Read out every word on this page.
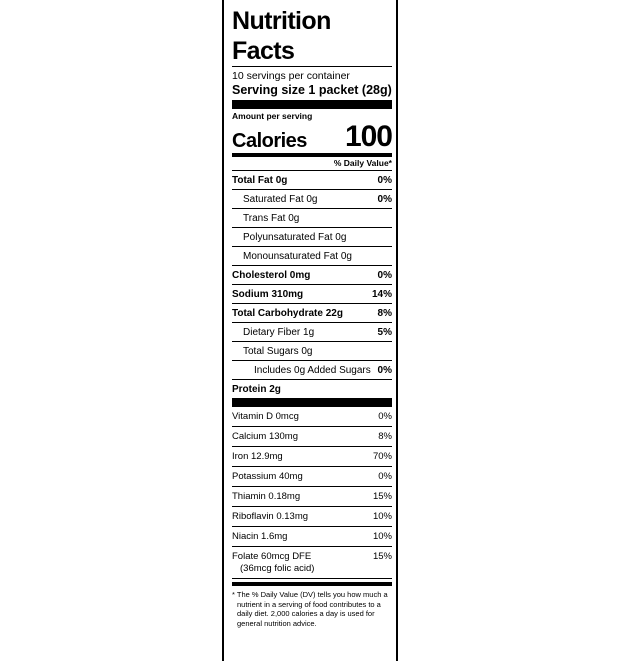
Nutrition Facts
10 servings per container
Serving size 1 packet (28g)
Amount per serving
Calories 100
% Daily Value*
Total Fat 0g	0%
Saturated Fat 0g	0%
Trans Fat 0g
Polyunsaturated Fat 0g
Monounsaturated Fat 0g
Cholesterol 0mg	0%
Sodium 310mg	14%
Total Carbohydrate 22g	8%
Dietary Fiber 1g	5%
Total Sugars 0g
Includes 0g Added Sugars 0%
Protein 2g
Vitamin D 0mcg	0%
Calcium 130mg	8%
Iron 12.9mg	70%
Potassium 40mg	0%
Thiamin 0.18mg	15%
Riboflavin 0.13mg	10%
Niacin 1.6mg	10%
Folate 60mcg DFE	15%
(36mcg folic acid)
* The % Daily Value (DV) tells you how much a nutrient in a serving of food contributes to a daily diet. 2,000 calories a day is used for general nutrition advice.
